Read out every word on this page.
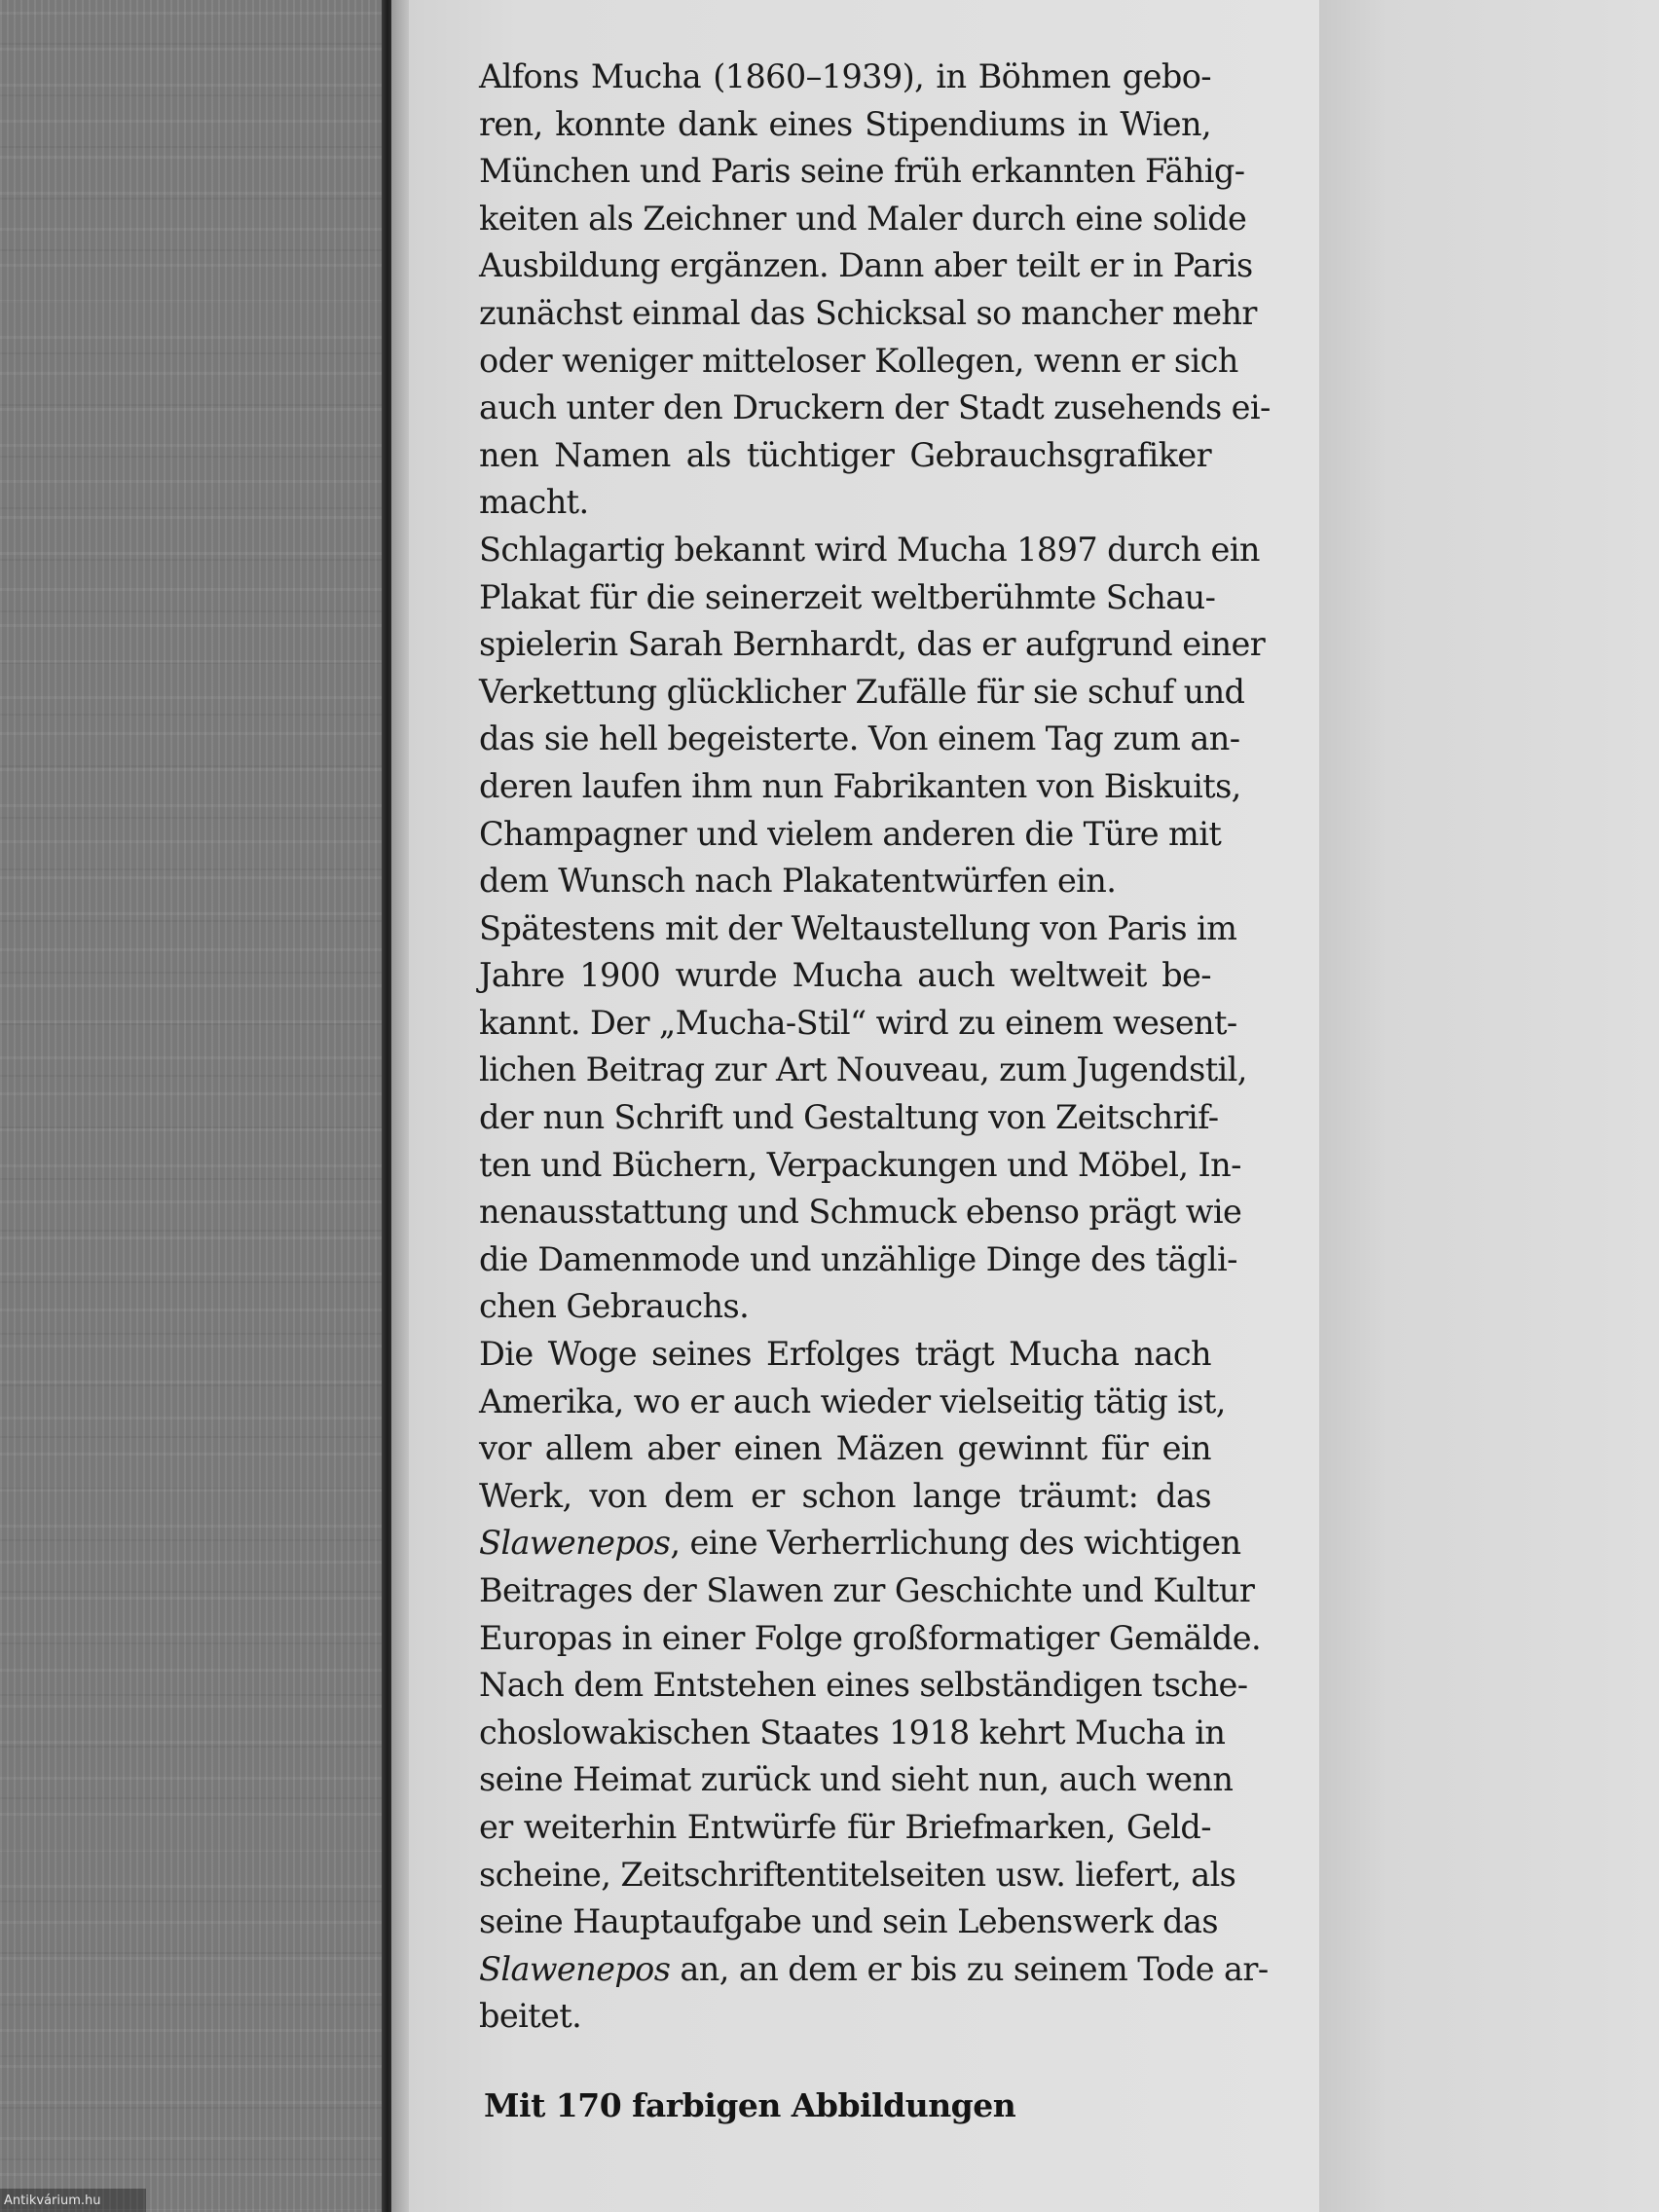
Alfons Mucha (1860–1939), in Böhmen gebo-
ren, konnte dank eines Stipendiums in Wien,
München und Paris seine früh erkannten Fähig-
keiten als Zeichner und Maler durch eine solide
Ausbildung ergänzen. Dann aber teilt er in Paris
zunächst einmal das Schicksal so mancher mehr
oder weniger mitteloser Kollegen, wenn er sich
auch unter den Druckern der Stadt zusehends ei-
nen Namen als tüchtiger Gebrauchsgrafiker
macht.
Schlagartig bekannt wird Mucha 1897 durch ein
Plakat für die seinerzeit weltberühmte Schau-
spielerin Sarah Bernhardt, das er aufgrund einer
Verkettung glücklicher Zufälle für sie schuf und
das sie hell begeisterte. Von einem Tag zum an-
deren laufen ihm nun Fabrikanten von Biskuits,
Champagner und vielem anderen die Türe mit
dem Wunsch nach Plakatentwürfen ein.
Spätestens mit der Weltaustellung von Paris im
Jahre 1900 wurde Mucha auch weltweit be-
kannt. Der „Mucha-Stil“ wird zu einem wesent-
lichen Beitrag zur Art Nouveau, zum Jugendstil,
der nun Schrift und Gestaltung von Zeitschrif-
ten und Büchern, Verpackungen und Möbel, In-
nenausstattung und Schmuck ebenso prägt wie
die Damenmode und unzählige Dinge des tägli-
chen Gebrauchs.
Die Woge seines Erfolges trägt Mucha nach
Amerika, wo er auch wieder vielseitig tätig ist,
vor allem aber einen Mäzen gewinnt für ein
Werk, von dem er schon lange träumt: das
Slawenepos, eine Verherrlichung des wichtigen
Beitrages der Slawen zur Geschichte und Kultur
Europas in einer Folge großformatiger Gemälde.
Nach dem Entstehen eines selbständigen tsche-
choslowakischen Staates 1918 kehrt Mucha in
seine Heimat zurück und sieht nun, auch wenn
er weiterhin Entwürfe für Briefmarken, Geld-
scheine, Zeitschriftentitelseiten usw. liefert, als
seine Hauptaufgabe und sein Lebenswerk das
Slawenepos an, an dem er bis zu seinem Tode ar-
beitet.
Mit 170 farbigen Abbildungen
Antikvárium.hu
